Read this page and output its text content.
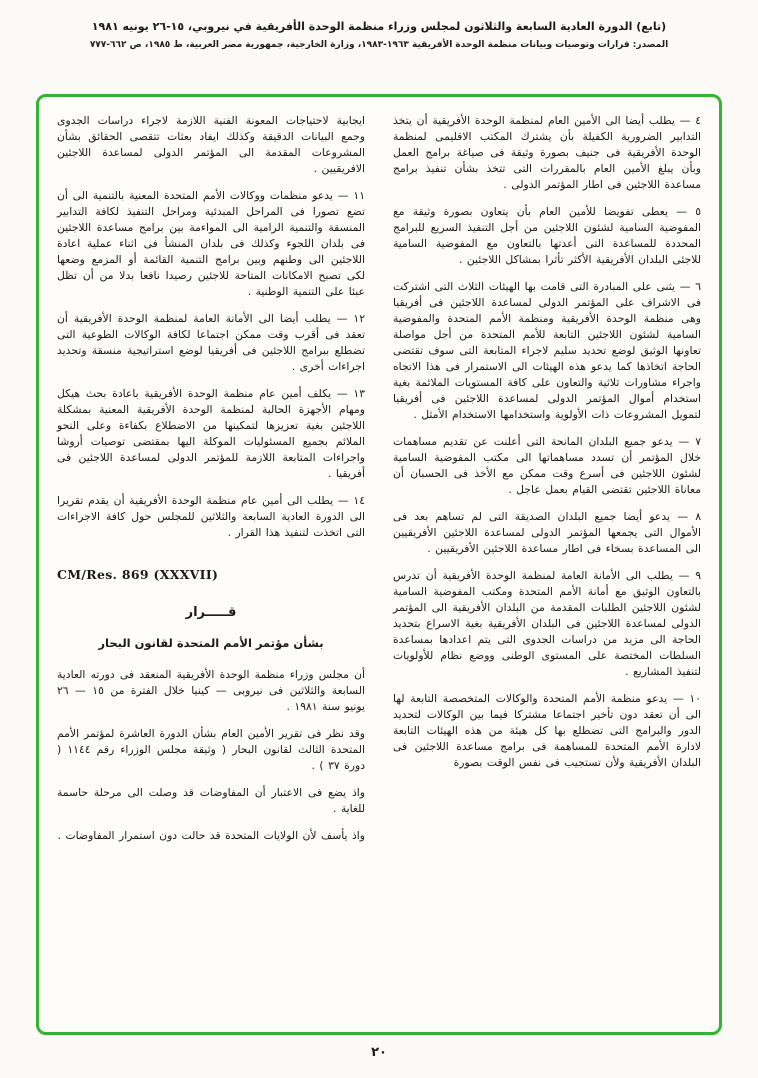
(تابع) الدورة العادية السابعة والثلاثون لمجلس وزراء منظمة الوحدة الأفريقية في نيروبي، ١٥-٢٦ يونيه ١٩٨١
المصدر: قرارات وتوصيات وبيانات منظمة الوحدة الأفريقية ١٩٦٣-١٩٨٣، وزارة الخارجية، جمهورية مصر العربية، ط ١٩٨٥، ص ٦٦٢-٧٧٧

٤ — يطلب أيضا الى الأمين العام لمنظمة الوحدة الأفريقية أن يتخذ التدابير الضرورية الكفيلة بأن يشترك المكتب الاقليمى لمنظمة الوحدة الأفريقية فى جنيف بصورة وثيقة فى صياغة برامج العمل وبأن يبلغ الأمين العام بالمقررات التى تتخذ بشأن تنفيذ برامج مساعدة اللاجئين فى اطار المؤتمر الدولى .

٥ — يعطى تفويضا للأمين العام بأن يتعاون بصورة وثيقة مع المفوضية السامية لشئون اللاجئين من أجل التنفيذ السريع للبرامج المحددة للمساعدة التى أعدتها بالتعاون مع المفوضية السامية للاجئى البلدان الأفريقية الأكثر تأثرا بمشاكل اللاجئين .

٦ — يثنى على المبادرة التى قامت بها الهيئات الثلاث التى اشتركت فى الاشراف على المؤتمر الدولى لمساعدة اللاجئين فى أفريقيا وهى منظمة الوحدة الأفريقية ومنظمة الأمم المتحدة والمفوضية السامية لشئون اللاجئين التابعة للأمم المتحدة من أجل مواصلة تعاونها الوثيق لوضع تحديد سليم لاجراء المتابعة التى سوف تقتضى الحاجة اتخاذها كما يدعو هذه الهيئات الى الاستمرار فى هذا الاتجاه واجراء مشاورات ثلاثية والتعاون على كافة المستويات الملائمة بغية استخدام أموال المؤتمر الدولى لمساعدة اللاجئين فى أفريقيا لتمويل المشروعات ذات الأولوية واستخدامها الاستخدام الأمثل .

٧ — يدعو جميع البلدان المانحة التى أعلنت عن تقديم مساهمات خلال المؤتمر أن تسدد مساهماتها الى مكتب المفوضية السامية لشئون اللاجئين فى أسرع وقت ممكن مع الأخذ فى الحسبان أن معاناة اللاجئين تقتضى القيام بعمل عاجل .

٨ — يدعو أيضا جميع البلدان الصديقة التى لم تساهم بعد فى الأموال التى يجمعها المؤتمر الدولى لمساعدة اللاجئين الأفريقيين الى المساعدة بسخاء فى اطار مساعدة اللاجئين الأفريقيين .

٩ — يطلب الى الأمانة العامة لمنظمة الوحدة الأفريقية أن تدرس بالتعاون الوثيق مع أمانة الأمم المتحدة ومكتب المفوضية السامية لشئون اللاجئين الطلبات المقدمة من البلدان الأفريقية الى المؤتمر الدولى لمساعدة اللاجئين فى البلدان الأفريقية بغية الاسراع بتحديد الحاجة الى مزيد من دراسات الجدوى التى يتم اعدادها بمساعدة السلطات المختصة على المستوى الوطنى ووضع نظام للأولويات لتنفيذ المشاريع .

١٠ — يدعو منظمة الأمم المتحدة والوكالات المتخصصة التابعة لها الى أن تعقد دون تأخير اجتماعا مشتركا فيما بين الوكالات لتحديد الدور والبرامج التى تضطلع بها كل هيئة من هذه الهيئات التابعة لادارة الأمم المتحدة للمساهمة فى برامج مساعدة اللاجئين فى البلدان الأفريقية ولأن تستجيب فى نفس الوقت بصورة

ايجابية لاحتياجات المعونة الفنية اللازمة لاجراء دراسات الجدوى وجمع البيانات الدقيقة وكذلك ايفاد بعثات تتقصى الحقائق بشأن المشروعات المقدمة الى المؤتمر الدولى لمساعدة اللاجئين الافريقيين .

١١ — يدعو منظمات ووكالات الأمم المتحدة المعنية بالتنمية الى أن تضع تصورا فى المراحل المبدئية ومراحل التنفيذ لكافة التدابير المنسقة والتنمية الرامية الى المواءمة بين برامج مساعدة اللاجئين فى بلدان اللجوء وكذلك فى بلدان المنشأ فى اثناء عملية اعادة اللاجئين الى وطنهم وبين برامج التنمية القائمة أو المزمع وضعها لكى تصبح الامكانات المتاحة للاجئين رصيدا نافعا بدلا من أن تظل عبئا على التنمية الوطنية .

١٢ — يطلب أيضا الى الأمانة العامة لمنظمة الوحدة الأفريقية أن تعقد فى أقرب وقت ممكن اجتماعا لكافة الوكالات الطوعية التى تضطلع ببرامج اللاجئين فى أفريقيا لوضع استراتيجية منسقة وتحديد اجراءات أخرى .

١٣ — يكلف أمين عام منظمة الوحدة الأفريقية باعادة بحث هيكل ومهام الأجهزة الحالية لمنظمة الوحدة الأفريقية المعنية بمشكلة اللاجئين بغية تعزيزها لتمكينها من الاضطلاع بكفاءة وعلى النحو الملائم بجميع المسئوليات الموكلة اليها بمقتضى توصيات أروشا واجراءات المتابعة اللازمة للمؤتمر الدولى لمساعدة اللاجئين فى أفريقيا .

١٤ — يطلب الى أمين عام منظمة الوحدة الأفريقية أن يقدم تقريرا الى الدورة العادية السابعة والثلاثين للمجلس حول كافة الاجراءات التى اتخذت لتنفيذ هذا القرار .

CM/Res. 869 (XXXVII)
قـــــرار
بشأن مؤتمر الأمم المتحدة لقانون البحار

أن مجلس وزراء منظمة الوحدة الأفريقية المنعقد فى دورته العادية السابعة والثلاثين فى نيروبى — كينيا خلال الفترة من ١٥ — ٢٦ يونيو سنة ١٩٨١ .

وقد نظر فى تقرير الأمين العام بشأن الدورة العاشرة لمؤتمر الأمم المتحدة الثالث لقانون البحار ( وثيقة مجلس الوزراء رقم ١١٤٤ ( دورة ٣٧ ) .

واذ يضع فى الاعتبار أن المفاوضات قد وصلت الى مرحلة حاسمة للغاية .

واذ يأسف لأن الولايات المتحدة قد حالت دون استمرار المفاوضات .

٢٠
